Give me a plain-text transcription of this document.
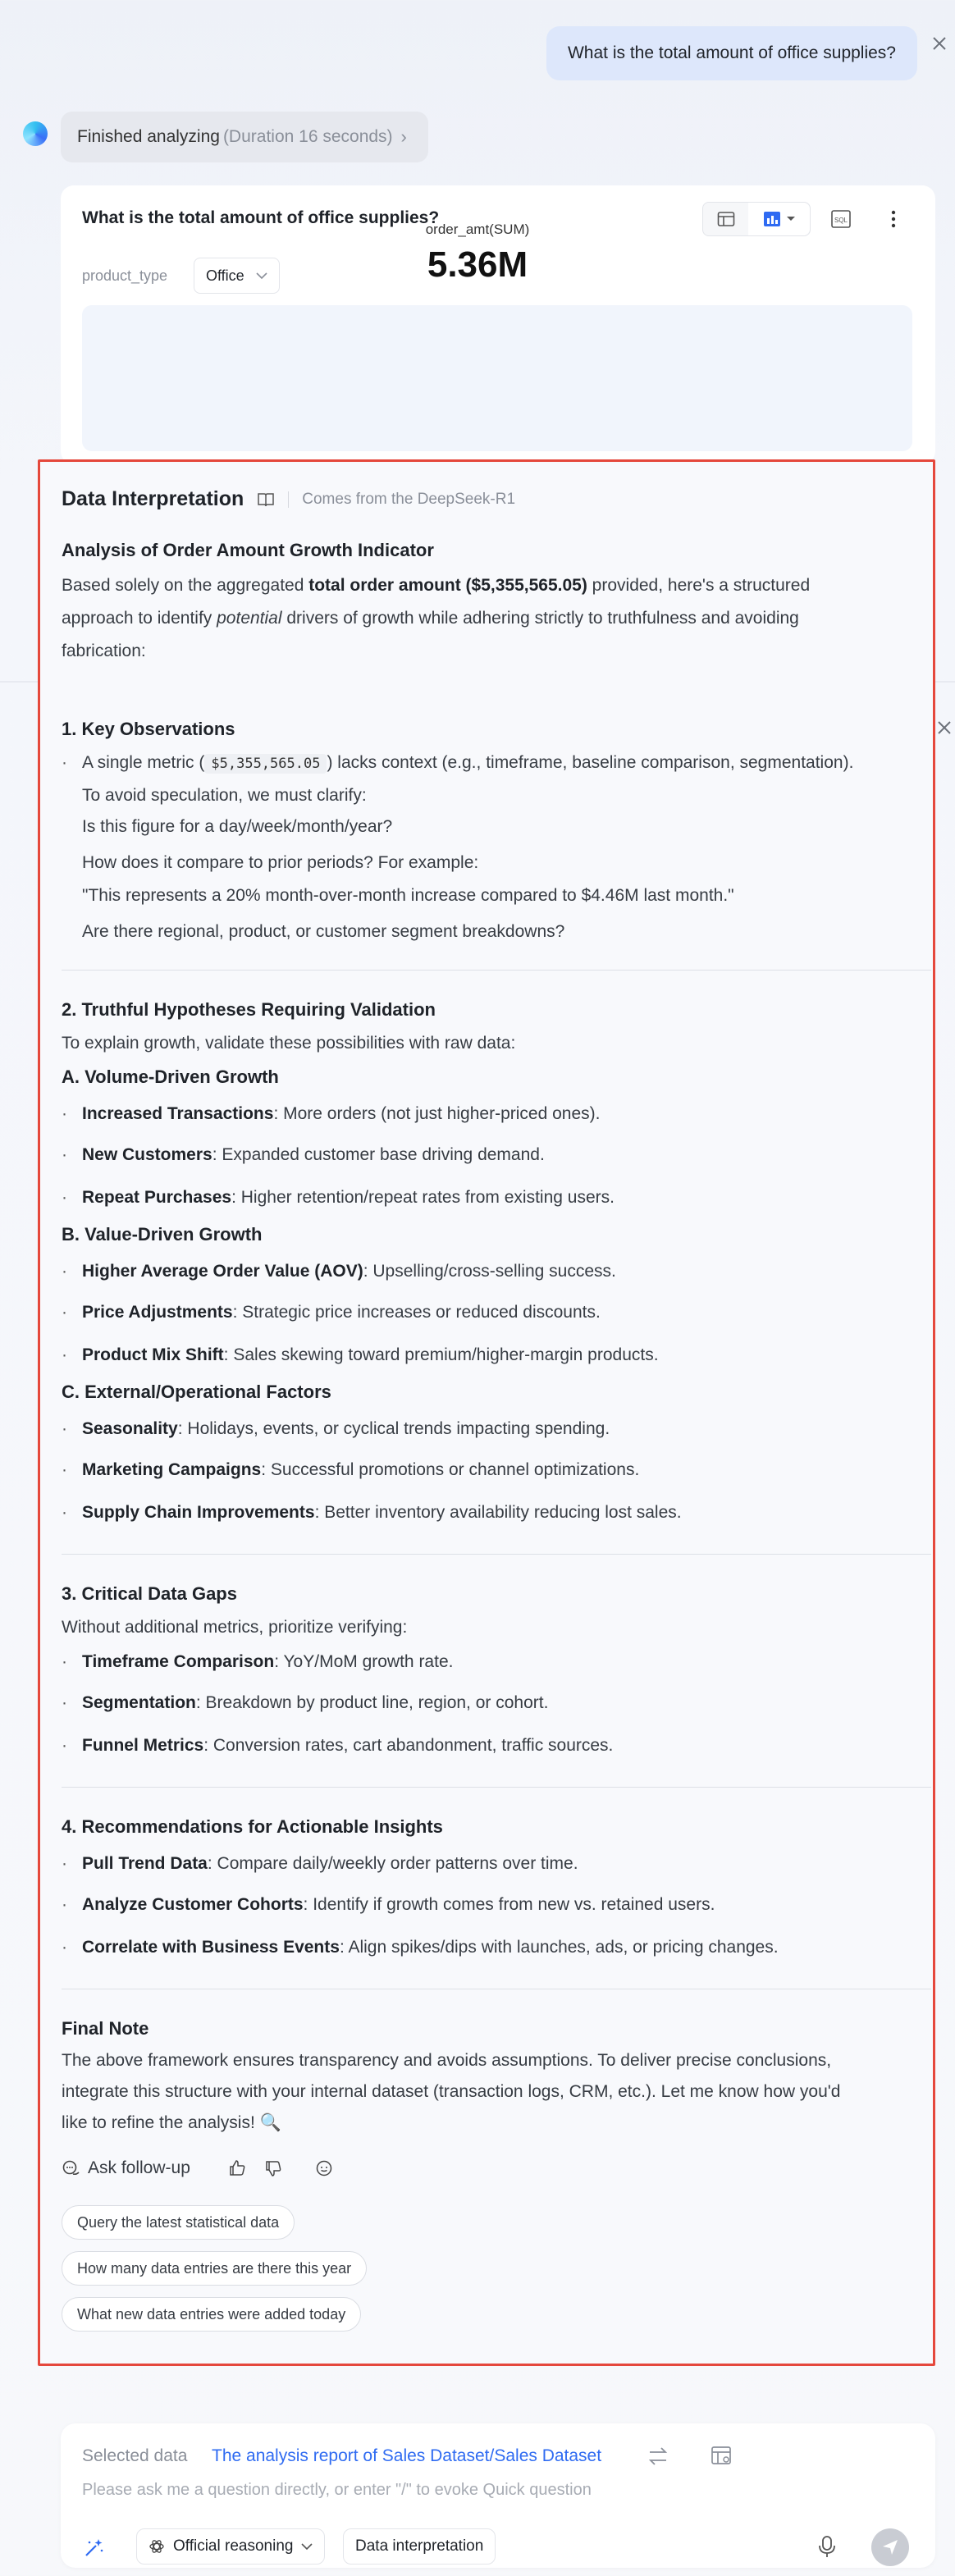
What is the total amount of office supplies?
Finished analyzing (Duration 16 seconds) ›
What is the total amount of office supplies?	SQL
product_type	Office
order_amt(SUM)
5.36M
Data Interpretation	Comes from the DeepSeek-R1
Analysis of Order Amount Growth Indicator
Based solely on the aggregated total order amount ($5,355,565.05) provided, here's a structured
approach to identify potential drivers of growth while adhering strictly to truthfulness and avoiding
fabrication:
1. Key Observations
· A single metric ( $5,355,565.05 ) lacks context (e.g., timeframe, baseline comparison, segmentation).
To avoid speculation, we must clarify:
Is this figure for a day/week/month/year?
How does it compare to prior periods? For example:
"This represents a 20% month-over-month increase compared to $4.46M last month."
Are there regional, product, or customer segment breakdowns?
2. Truthful Hypotheses Requiring Validation
To explain growth, validate these possibilities with raw data:
A. Volume-Driven Growth
· Increased Transactions: More orders (not just higher-priced ones).
· New Customers: Expanded customer base driving demand.
· Repeat Purchases: Higher retention/repeat rates from existing users.
B. Value-Driven Growth
· Higher Average Order Value (AOV): Upselling/cross-selling success.
· Price Adjustments: Strategic price increases or reduced discounts.
· Product Mix Shift: Sales skewing toward premium/higher-margin products.
C. External/Operational Factors
· Seasonality: Holidays, events, or cyclical trends impacting spending.
· Marketing Campaigns: Successful promotions or channel optimizations.
· Supply Chain Improvements: Better inventory availability reducing lost sales.
3. Critical Data Gaps
Without additional metrics, prioritize verifying:
· Timeframe Comparison: YoY/MoM growth rate.
· Segmentation: Breakdown by product line, region, or cohort.
· Funnel Metrics: Conversion rates, cart abandonment, traffic sources.
4. Recommendations for Actionable Insights
· Pull Trend Data: Compare daily/weekly order patterns over time.
· Analyze Customer Cohorts: Identify if growth comes from new vs. retained users.
· Correlate with Business Events: Align spikes/dips with launches, ads, or pricing changes.
Final Note
The above framework ensures transparency and avoids assumptions. To deliver precise conclusions,
integrate this structure with your internal dataset (transaction logs, CRM, etc.). Let me know how you'd
like to refine the analysis! 🔍
Ask follow-up
Query the latest statistical data
How many data entries are there this year
What new data entries were added today
Selected data The analysis report of Sales Dataset/Sales Dataset
Please ask me a question directly, or enter "/" to evoke Quick question
Official reasoning	Data interpretation
